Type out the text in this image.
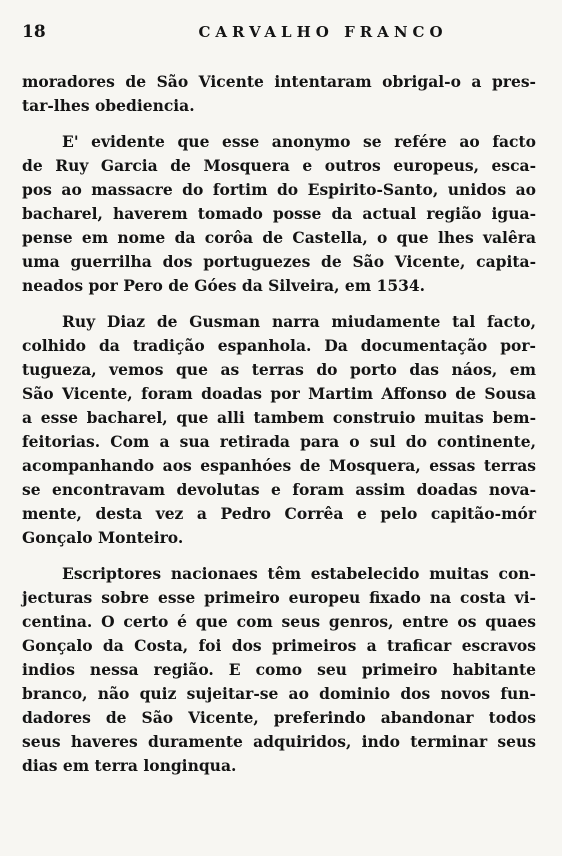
18	CARVALHO FRANCO

moradores de São Vicente intentaram obrigal-o a pres-
tar-lhes obediencia.

E' evidente que esse anonymo se refére ao facto
de Ruy Garcia de Mosquera e outros europeus, esca-
pos ao massacre do fortim do Espirito-Santo, unidos ao
bacharel, haverem tomado posse da actual região igua-
pense em nome da corôa de Castella, o que lhes valêra
uma guerrilha dos portuguezes de São Vicente, capita-
neados por Pero de Góes da Silveira, em 1534.

Ruy Diaz de Gusman narra miudamente tal facto,
colhido da tradição espanhola. Da documentação por-
tugueza, vemos que as terras do porto das náos, em
São Vicente, foram doadas por Martim Affonso de Sousa
a esse bacharel, que alli tambem construio muitas bem-
feitorias. Com a sua retirada para o sul do continente,
acompanhando aos espanhóes de Mosquera, essas terras
se encontravam devolutas e foram assim doadas nova-
mente, desta vez a Pedro Corrêa e pelo capitão-mór
Gonçalo Monteiro.

Escriptores nacionaes têm estabelecido muitas con-
jecturas sobre esse primeiro europeu fixado na costa vi-
centina. O certo é que com seus genros, entre os quaes
Gonçalo da Costa, foi dos primeiros a traficar escravos
indios nessa região. E como seu primeiro habitante
branco, não quiz sujeitar-se ao dominio dos novos fun-
dadores de São Vicente, preferindo abandonar todos
seus haveres duramente adquiridos, indo terminar seus
dias em terra longinqua.
